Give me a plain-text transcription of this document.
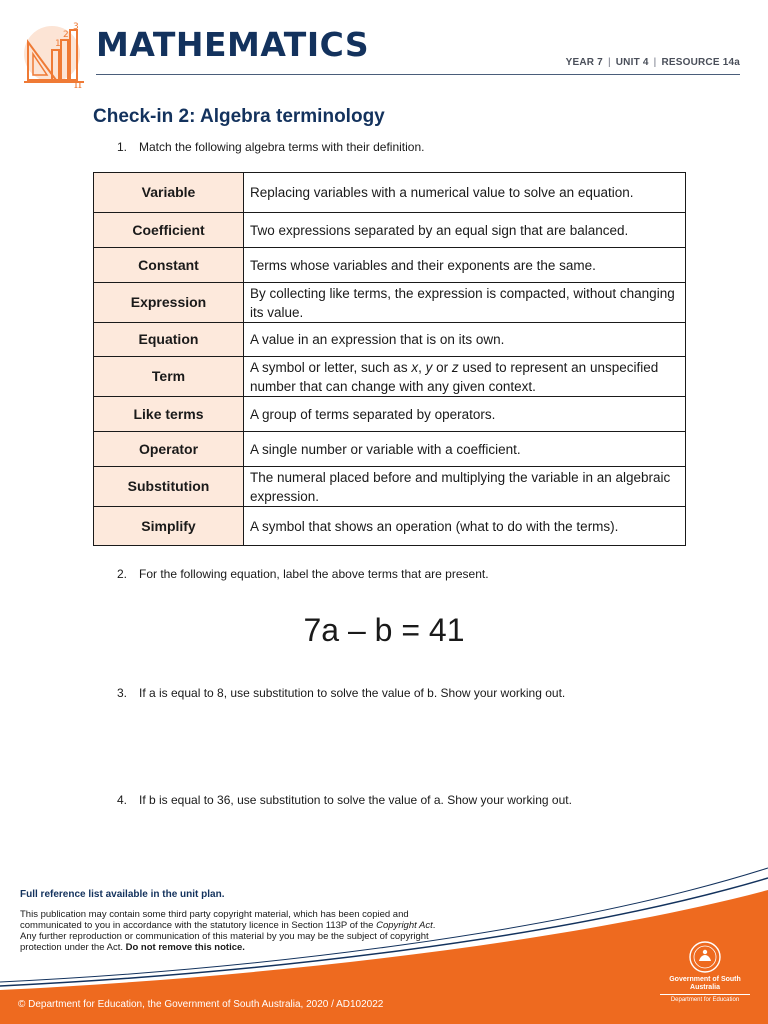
1
2
3
π
MATHEMATICS	YEAR 7 | UNIT 4 | RESOURCE 14a
Check-in 2: Algebra terminology
1. Match the following algebra terms with their definition.
Variable	Replacing variables with a numerical value to solve an equation.
Coefficient	Two expressions separated by an equal sign that are balanced.
Constant	Terms whose variables and their exponents are the same.
Expression	By collecting like terms, the expression is compacted, without changing its value.
Equation	A value in an expression that is on its own.
Term	A symbol or letter, such as x, y or z used to represent an unspecified number that can change with any given context.
Like terms	A group of terms separated by operators.
Operator	A single number or variable with a coefficient.
Substitution	The numeral placed before and multiplying the variable in an algebraic expression.
Simplify	A symbol that shows an operation (what to do with the terms).
2. For the following equation, label the above terms that are present.
7a – b = 41
3. If a is equal to 8, use substitution to solve the value of b. Show your working out.
4. If b is equal to 36, use substitution to solve the value of a. Show your working out.
Full reference list available in the unit plan.
This publication may contain some third party copyright material, which has been copied and communicated to you in accordance with the statutory licence in Section 113P of the Copyright Act. Any further reproduction or communication of this material by you may be the subject of copyright protection under the Act. Do not remove this notice.
© Department for Education, the Government of South Australia, 2020 / AD102022
Government of South Australia
Department for Education
